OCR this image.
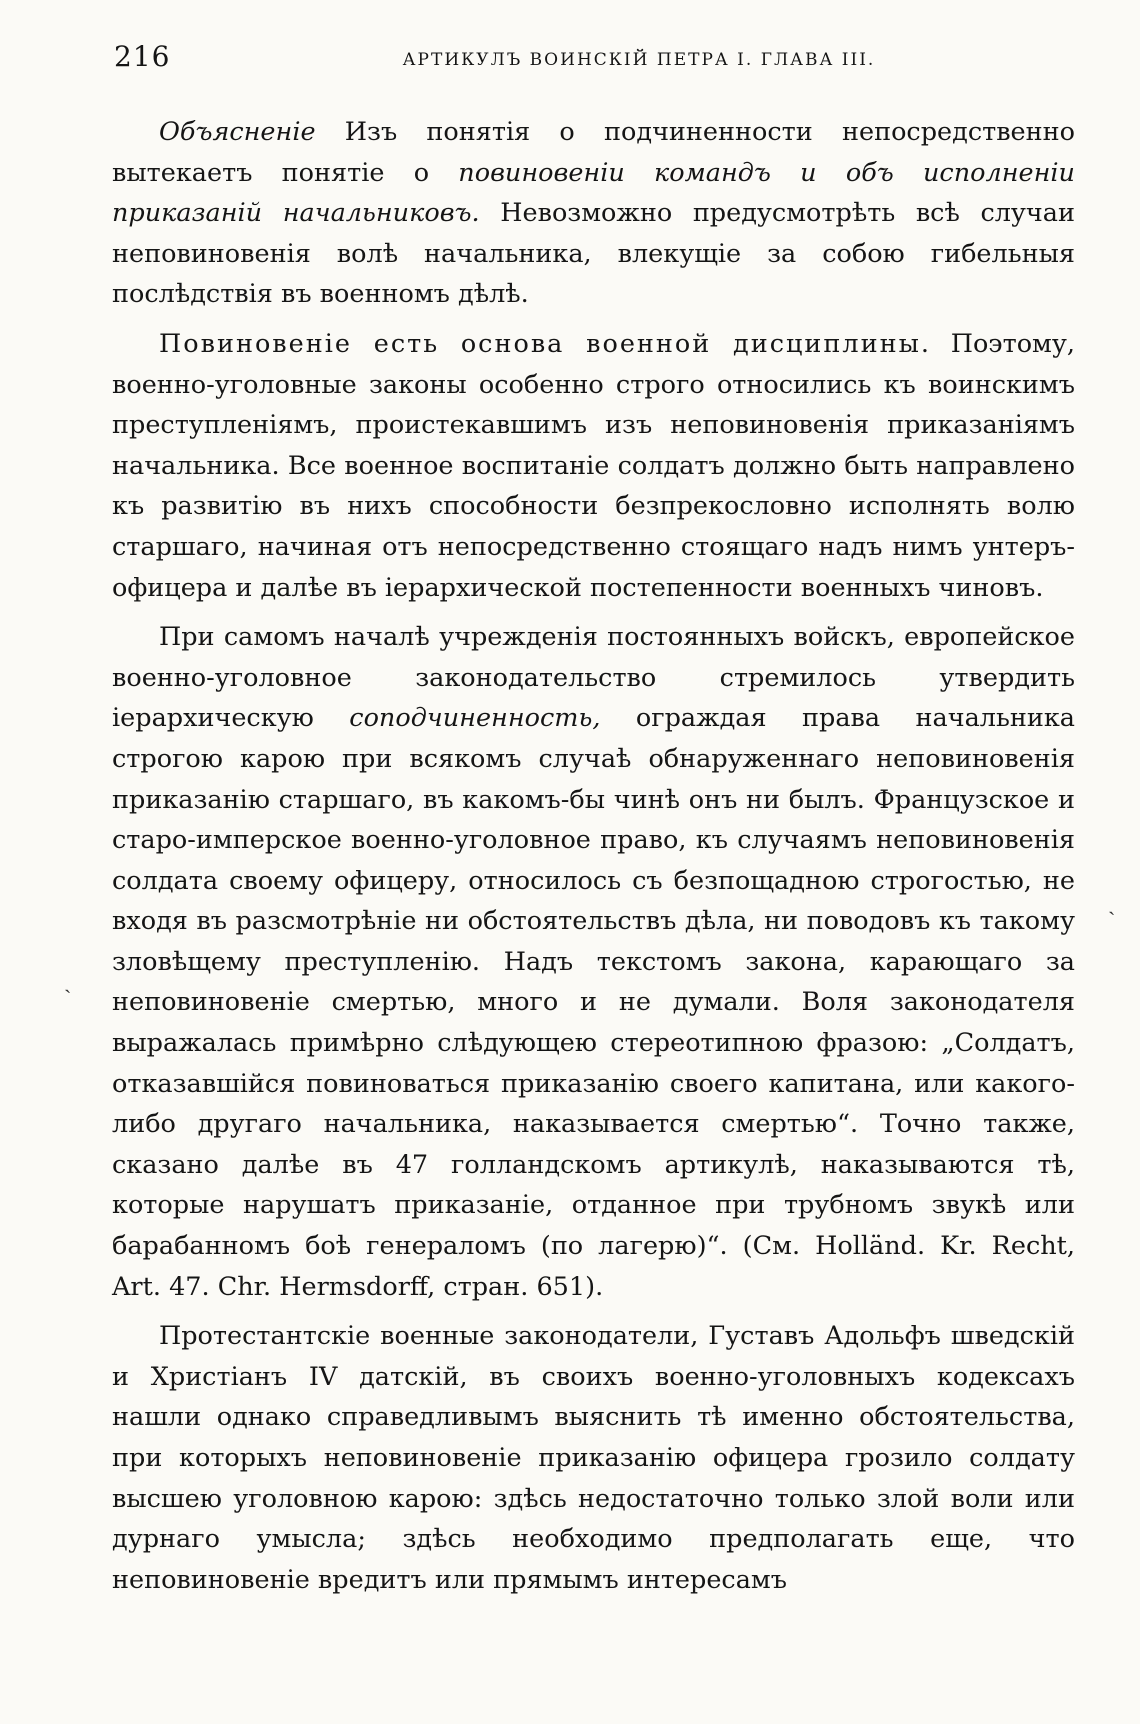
216	АРТИКУЛЪ ВОИНСКІЙ ПЕТРА І. ГЛАВА III.

Объясненіе Изъ понятія о подчиненности непосредственно вытекаетъ понятіе о повиновеніи командъ и объ исполненіи приказаній начальниковъ. Невозможно предусмотрѣть всѣ случаи неповиновенія волѣ начальника, влекущіе за собою гибельныя послѣдствія въ военномъ дѣлѣ.

Повиновеніе есть основа военной дисциплины. Поэтому, военно-уголовные законы особенно строго относились къ воинскимъ преступленіямъ, проистекавшимъ изъ неповиновенія приказаніямъ начальника. Все военное воспитаніе солдатъ должно быть направлено къ развитію въ нихъ способности безпрекословно исполнять волю старшаго, начиная отъ непосредственно стоящаго надъ нимъ унтеръ-офицера и далѣе въ іерархической постепенности военныхъ чиновъ.

При самомъ началѣ учрежденія постоянныхъ войскъ, европейское военно-уголовное законодательство стремилось утвердить іерархическую соподчиненность, ограждая права начальника строгою карою при всякомъ случаѣ обнаруженнаго неповиновенія приказанію старшаго, въ какомъ-бы чинѣ онъ ни былъ. Французское и старо-имперское военно-уголовное право, къ случаямъ неповиновенія солдата своему офицеру, относилось съ безпощадною строгостью, не входя въ разсмотрѣніе ни обстоятельствъ дѣла, ни поводовъ къ такому зловѣщему преступленію. Надъ текстомъ закона, карающаго за неповиновеніе смертью, много и не думали. Воля законодателя выражалась примѣрно слѣдующею стереотипною фразою: „Солдатъ, отказавшійся повиноваться приказанію своего капитана, или какого-либо другаго начальника, наказывается смертью“. Точно также, сказано далѣе въ 47 голландскомъ артикулѣ, наказываются тѣ, которые нарушатъ приказаніе, отданное при трубномъ звукѣ или барабанномъ боѣ генераломъ (по лагерю)“. (См. Holländ. Kr. Recht, Art. 47. Chr. Hermsdorff, стран. 651).

Протестантскіе военные законодатели, Густавъ Адольфъ шведскій и Христіанъ IV датскій, въ своихъ военно-уголовныхъ кодексахъ нашли однако справедливымъ выяснить тѣ именно обстоятельства, при которыхъ неповиновеніе приказанію офицера грозило солдату высшею уголовною карою: здѣсь недостаточно только злой воли или дурнаго умысла; здѣсь необходимо предполагать еще, что неповиновеніе вредитъ или прямымъ интересамъ

ˏ
ˎ
